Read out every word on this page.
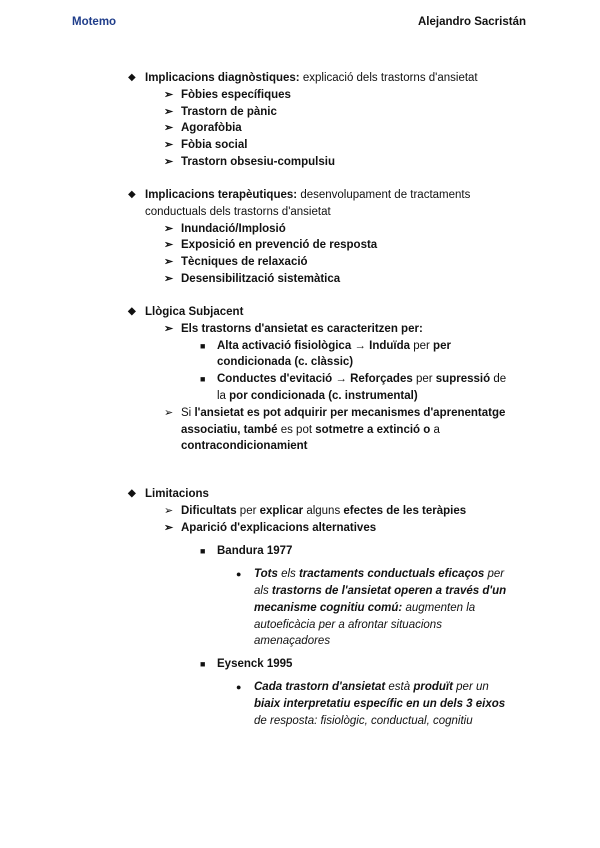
Motemo	Alejandro Sacristán
◆ Implicacions diagnòstiques: explicació dels trastorns d'ansietat
➢ Fòbies específiques
➢ Trastorn de pànic
➢ Agorafòbia
➢ Fòbia social
➢ Trastorn obsesiu-compulsiu
◆ Implicacions terapèutiques: desenvolupament de tractaments
conductuals dels trastorns d'ansietat
➢ Inundació/Implosió
➢ Exposició en prevenció de resposta
➢ Tècniques de relaxació
➢ Desensibilització sistemàtica
◆ Llògica Subjacent
➢ Els trastorns d'ansietat es caracteritzen per:
■ Alta activació fisiològica → Induïda per per
condicionada (c. clàssic)
■ Conductes d'evitació → Reforçades per supressió de
la por condicionada (c. instrumental)
➢ Si l'ansietat es pot adquirir per mecanismes d'aprenentatge
associatiu, també es pot sotmetre a extinció o a
contracondicionamient
◆ Limitacions
➢ Dificultats per explicar alguns efectes de les teràpies
➢ Aparició d'explicacions alternatives
■ Bandura 1977
● Tots els tractaments conductuals eficaços per
als trastorns de l'ansietat operen a través d'un
mecanisme cognitiu comú: augmenten la
autoeficàcia per a afrontar situacions
amenaçadores
■ Eysenck 1995
● Cada trastorn d'ansietat està produït per un
biaix interpretatiu específic en un dels 3 eixos
de resposta: fisiològic, conductual, cognitiu
